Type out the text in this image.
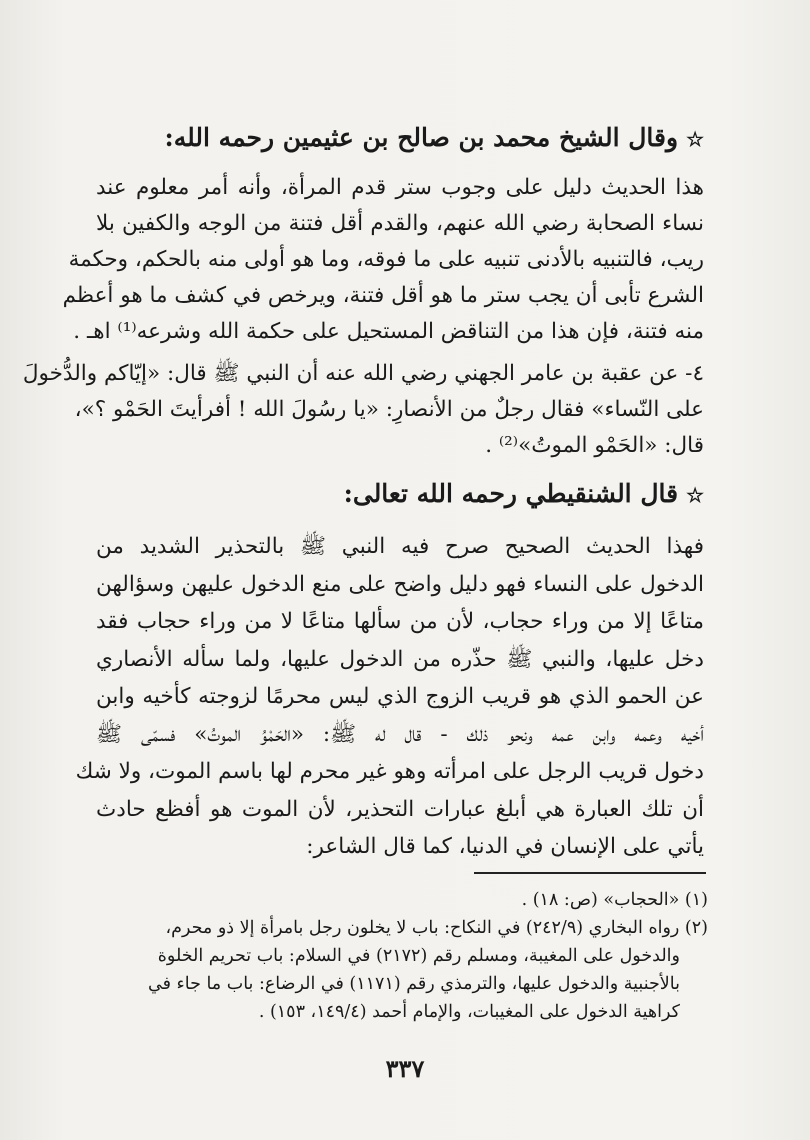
☆وقال الشيخ محمد بن صالح بن عثيمين رحمه الله:

هذا الحديث دليل على وجوب ستر قدم المرأة، وأنه أمر معلوم عند
نساء الصحابة رضي الله عنهم، والقدم أقل فتنة من الوجه والكفين بلا
ريب، فالتنبيه بالأدنى تنبيه على ما فوقه، وما هو أولى منه بالحكم، وحكمة
الشرع تأبى أن يجب ستر ما هو أقل فتنة، ويرخص في كشف ما هو أعظم
منه فتنة، فإن هذا من التناقض المستحيل على حكمة الله وشرعه⁽¹⁾ اهـ .

٤- عن عقبة بن عامر الجهني رضي الله عنه أن النبي ﷺ قال: «إيّاكم والدُّخولَ
على النّساء» فقال رجلٌ من الأنصارِ: «يا رسُولَ الله ! أفرأيتَ الحَمْو ؟»،
قال: «الحَمْو الموتُ»⁽²⁾ .

☆قال الشنقيطي رحمه الله تعالى:

فهذا الحديث الصحيح صرح فيه النبي ﷺ بالتحذير الشديد من
الدخول على النساء فهو دليل واضح على منع الدخول عليهن وسؤالهن
متاعًا إلا من وراء حجاب، لأن من سألها متاعًا لا من وراء حجاب فقد
دخل عليها، والنبي ﷺ حذّره من الدخول عليها، ولما سأله الأنصاري
عن الحمو الذي هو قريب الزوج الذي ليس محرمًا لزوجته كأخيه وابن
أخيه وعمه وابن عمه ونحو ذلك - قال له ﷺ: «الحَمْوُ الموتُ» فسمّى ﷺ
دخول قريب الرجل على امرأته وهو غير محرم لها باسم الموت، ولا شك
أن تلك العبارة هي أبلغ عبارات التحذير، لأن الموت هو أفظع حادث
يأتي على الإنسان في الدنيا، كما قال الشاعر:

(١) «الحجاب» (ص: ١٨) .
(٢) رواه البخاري (٢٤٢/٩) في النكاح: باب لا يخلون رجل بامرأة إلا ذو محرم،
والدخول على المغيبة، ومسلم رقم (٢١٧٢) في السلام: باب تحريم الخلوة
بالأجنبية والدخول عليها، والترمذي رقم (١١٧١) في الرضاع: باب ما جاء في
كراهية الدخول على المغيبات، والإمام أحمد (١٤٩/٤، ١٥٣) .
٣٣٧
